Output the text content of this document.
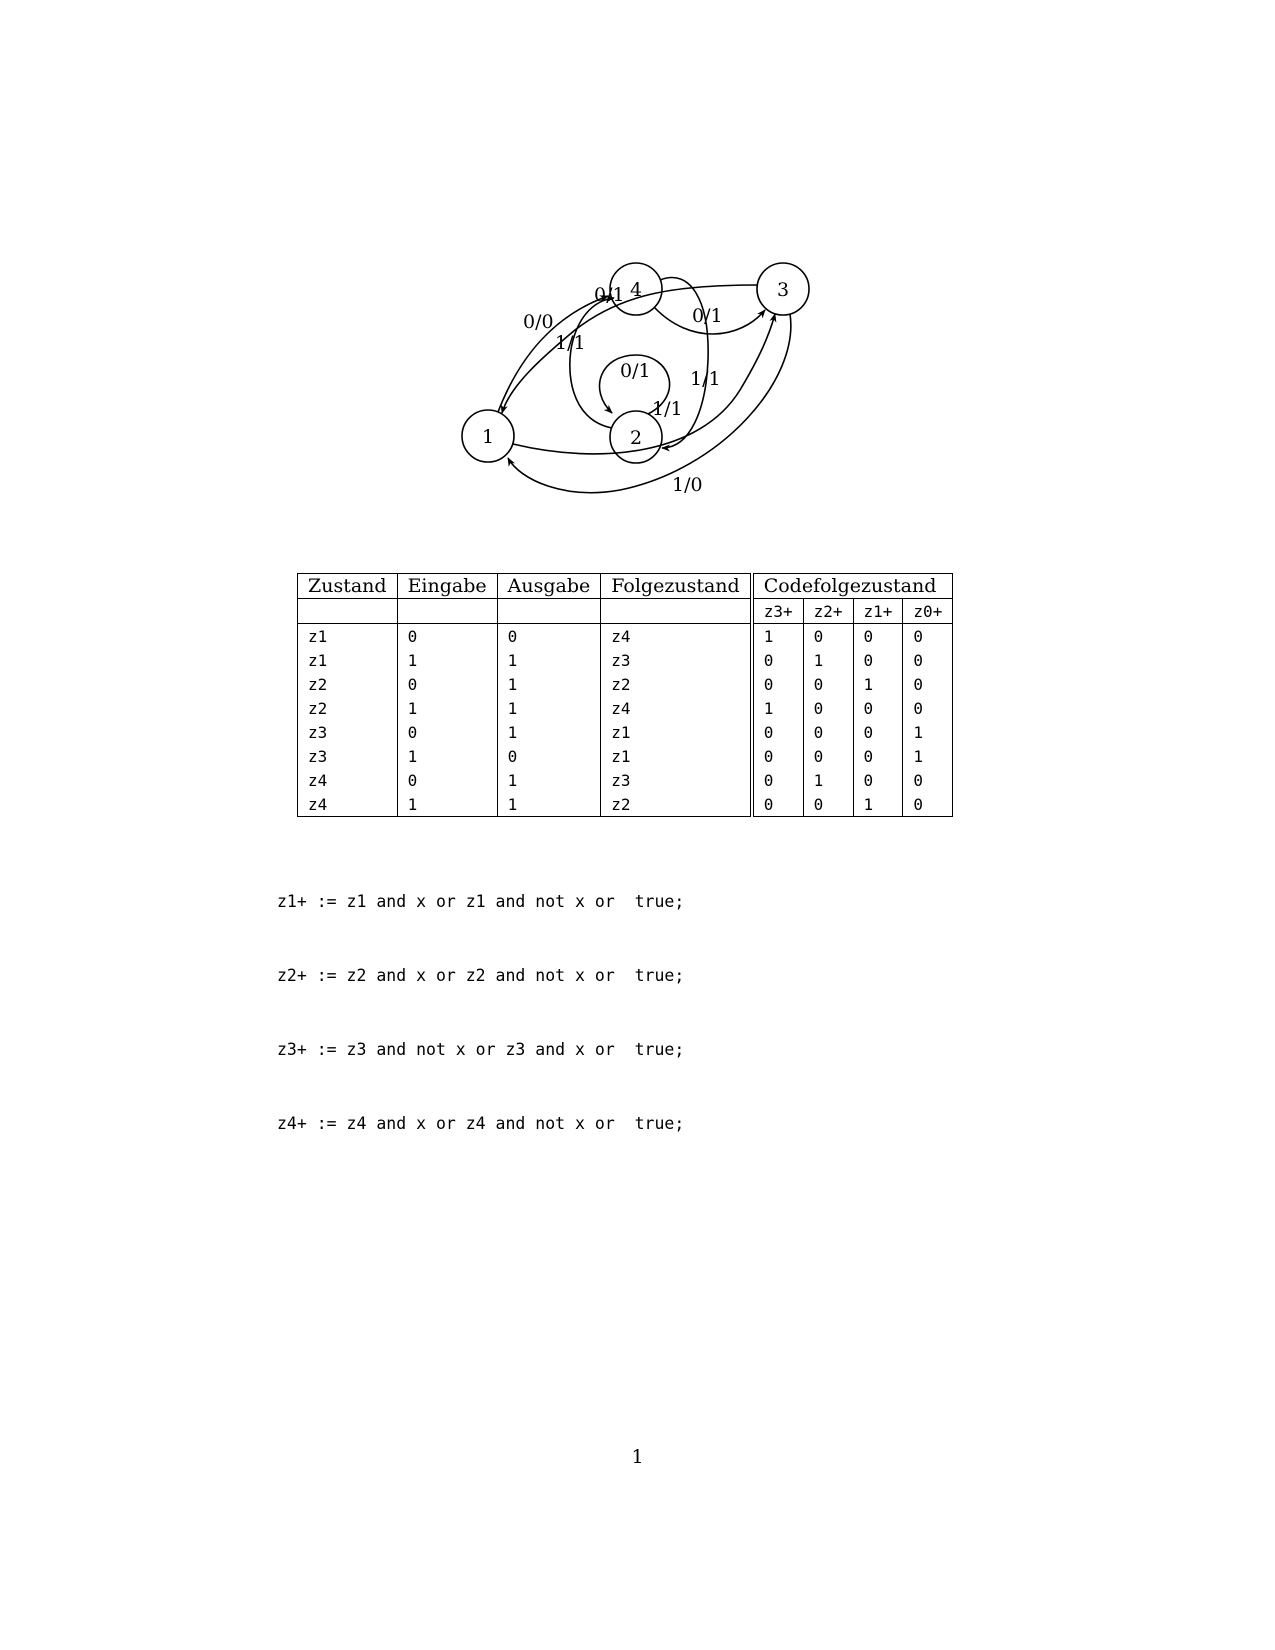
1	2
3
4
0/0
0/1
1/1
0/1
0/1
1/1
1/1
1/0
Zustand	Eingabe	Ausgabe	Folgezustand	Codefolgezustand			
				z3+	z2+	z1+	z0+
z1	0	0	z4	1	0	0	0
z1	1	1	z3	0	1	0	0
z2	0	1	z2	0	0	1	0
z2	1	1	z4	1	0	0	0
z3	0	1	z1	0	0	0	1
z3	1	0	z1	0	0	0	1
z4	0	1	z3	0	1	0	0
z4	1	1	z2	0	0	1	0

z1+ := z1 and x or z1 and not x or  true;

z2+ := z2 and x or z2 and not x or  true;

z3+ := z3 and not x or z3 and x or  true;

z4+ := z4 and x or z4 and not x or  true;

1
